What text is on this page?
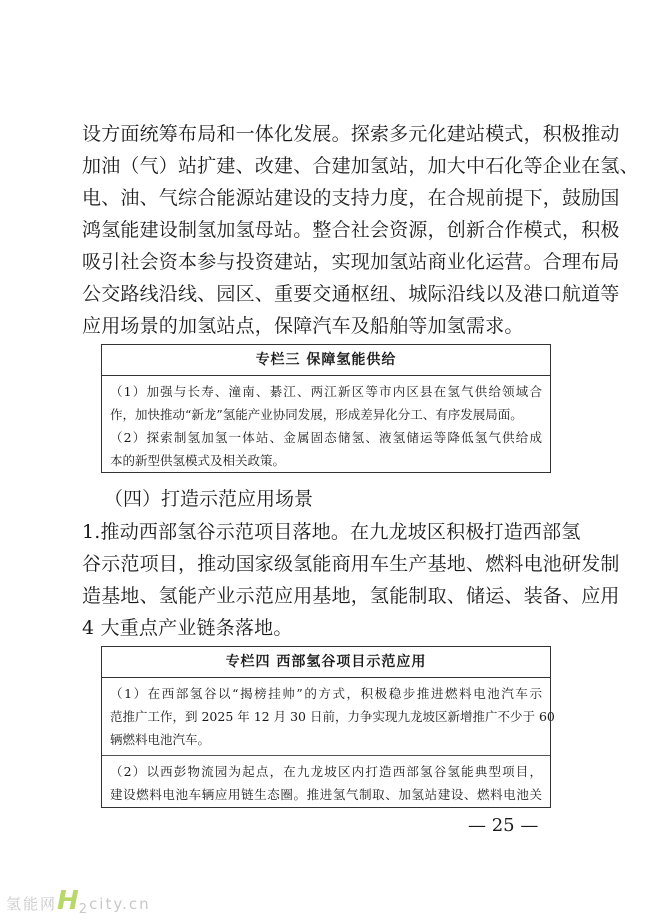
设方面统筹布局和一体化发展。探索多元化建站模式，积极推动
加油（气）站扩建、改建、合建加氢站，加大中石化等企业在氢、
电、油、气综合能源站建设的支持力度，在合规前提下，鼓励国
鸿氢能建设制氢加氢母站。整合社会资源，创新合作模式，积极
吸引社会资本参与投资建站，实现加氢站商业化运营。合理布局
公交路线沿线、园区、重要交通枢纽、城际沿线以及港口航道等
应用场景的加氢站点，保障汽车及船舶等加氢需求。
专栏三 保障氢能供给
（1）加强与长寿、潼南、綦江、两江新区等市内区县在氢气供给领域合
作，加快推动“新龙”氢能产业协同发展，形成差异化分工、有序发展局面。
（2）探索制氢加氢一体站、金属固态储氢、液氢储运等降低氢气供给成
本的新型供氢模式及相关政策。
（四）打造示范应用场景
1.推动西部氢谷示范项目落地。在九龙坡区积极打造西部氢
谷示范项目，推动国家级氢能商用车生产基地、燃料电池研发制
造基地、氢能产业示范应用基地，氢能制取、储运、装备、应用
4 大重点产业链条落地。
专栏四 西部氢谷项目示范应用
（1）在西部氢谷以“揭榜挂帅”的方式，积极稳步推进燃料电池汽车示
范推广工作，到 2025 年 12 月 30 日前，力争实现九龙坡区新增推广不少于 60
辆燃料电池汽车。
（2）以西彭物流园为起点，在九龙坡区内打造西部氢谷氢能典型项目，
建设燃料电池车辆应用链生态圈。推进氢气制取、加氢站建设、燃料电池关
— 25 —
氢能网H2city.cn
